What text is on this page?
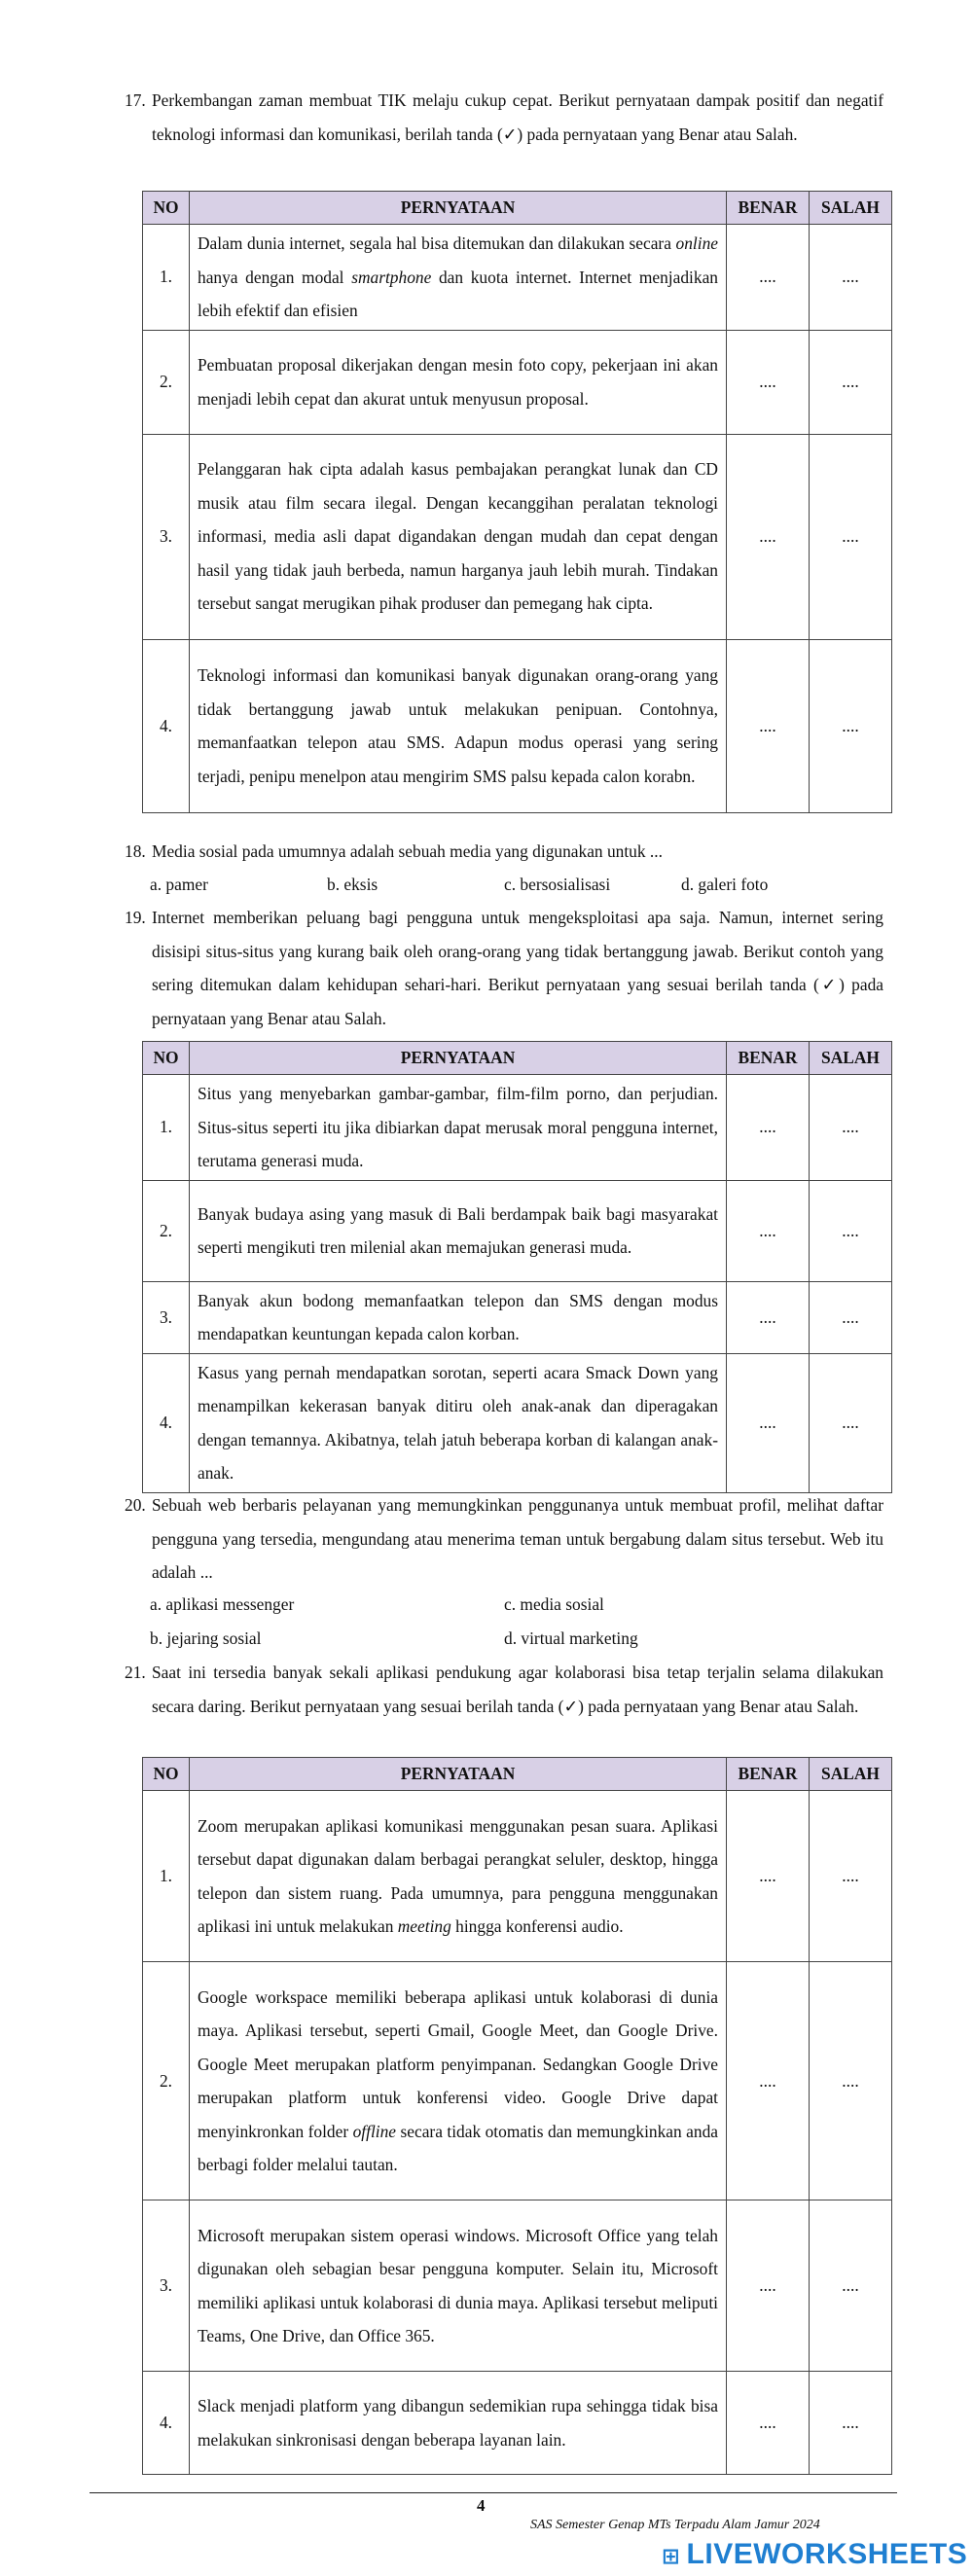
17. Perkembangan zaman membuat TIK melaju cukup cepat. Berikut pernyataan dampak positif dan negatif teknologi informasi dan komunikasi, berilah tanda (✓) pada pernyataan yang Benar atau Salah.
NO	PERNYATAAN	BENAR	SALAH
1.	Dalam dunia internet, segala hal bisa ditemukan dan dilakukan secara online hanya dengan modal smartphone dan kuota internet. Internet menjadikan lebih efektif dan efisien	....	....
2.	Pembuatan proposal dikerjakan dengan mesin foto copy, pekerjaan ini akan menjadi lebih cepat dan akurat untuk menyusun proposal.	....	....
3.	Pelanggaran hak cipta adalah kasus pembajakan perangkat lunak dan CD musik atau film secara ilegal. Dengan kecanggihan peralatan teknologi informasi, media asli dapat digandakan dengan mudah dan cepat dengan hasil yang tidak jauh berbeda, namun harganya jauh lebih murah. Tindakan tersebut sangat merugikan pihak produser dan pemegang hak cipta.	....	....
4.	Teknologi informasi dan komunikasi banyak digunakan orang-orang yang tidak bertanggung jawab untuk melakukan penipuan. Contohnya, memanfaatkan telepon atau SMS. Adapun modus operasi yang sering terjadi, penipu menelpon atau mengirim SMS palsu kepada calon korabn.	....	....
18. Media sosial pada umumnya adalah sebuah media yang digunakan untuk ...
a. pamer	b. eksis	c. bersosialisasi	d. galeri foto
19. Internet memberikan peluang bagi pengguna untuk mengeksploitasi apa saja. Namun, internet sering disisipi situs-situs yang kurang baik oleh orang-orang yang tidak bertanggung jawab. Berikut contoh yang sering ditemukan dalam kehidupan sehari-hari. Berikut pernyataan yang sesuai berilah tanda (✓) pada pernyataan yang Benar atau Salah.
NO	PERNYATAAN	BENAR	SALAH
1.	Situs yang menyebarkan gambar-gambar, film-film porno, dan perjudian. Situs-situs seperti itu jika dibiarkan dapat merusak moral pengguna internet, terutama generasi muda.	....	....
2.	Banyak budaya asing yang masuk di Bali berdampak baik bagi masyarakat seperti mengikuti tren milenial akan memajukan generasi muda.	....	....
3.	Banyak akun bodong memanfaatkan telepon dan SMS dengan modus mendapatkan keuntungan kepada calon korban.	....	....
4.	Kasus yang pernah mendapatkan sorotan, seperti acara Smack Down yang menampilkan kekerasan banyak ditiru oleh anak-anak dan diperagakan dengan temannya. Akibatnya, telah jatuh beberapa korban di kalangan anak-anak.	....	....
20. Sebuah web berbaris pelayanan yang memungkinkan penggunanya untuk membuat profil, melihat daftar pengguna yang tersedia, mengundang atau menerima teman untuk bergabung dalam situs tersebut. Web itu adalah ...
a. aplikasi messenger	c. media sosial
b. jejaring sosial	d. virtual marketing
21. Saat ini tersedia banyak sekali aplikasi pendukung agar kolaborasi bisa tetap terjalin selama dilakukan secara daring. Berikut pernyataan yang sesuai berilah tanda (✓) pada pernyataan yang Benar atau Salah.
NO	PERNYATAAN	BENAR	SALAH
1.	Zoom merupakan aplikasi komunikasi menggunakan pesan suara. Aplikasi tersebut dapat digunakan dalam berbagai perangkat seluler, desktop, hingga telepon dan sistem ruang. Pada umumnya, para pengguna menggunakan aplikasi ini untuk melakukan meeting hingga konferensi audio.	....	....
2.	Google workspace memiliki beberapa aplikasi untuk kolaborasi di dunia maya. Aplikasi tersebut, seperti Gmail, Google Meet, dan Google Drive. Google Meet merupakan platform penyimpanan. Sedangkan Google Drive merupakan platform untuk konferensi video. Google Drive dapat menyinkronkan folder offline secara tidak otomatis dan memungkinkan anda berbagi folder melalui tautan.	....	....
3.	Microsoft merupakan sistem operasi windows. Microsoft Office yang telah digunakan oleh sebagian besar pengguna komputer. Selain itu, Microsoft memiliki aplikasi untuk kolaborasi di dunia maya. Aplikasi tersebut meliputi Teams, One Drive, dan Office 365.	....	....
4.	Slack menjadi platform yang dibangun sedemikian rupa sehingga tidak bisa melakukan sinkronisasi dengan beberapa layanan lain.	....	....
4
SAS Semester Genap MTs Terpadu Alam Jamur 2024
⊞ LIVEWORKSHEETS
